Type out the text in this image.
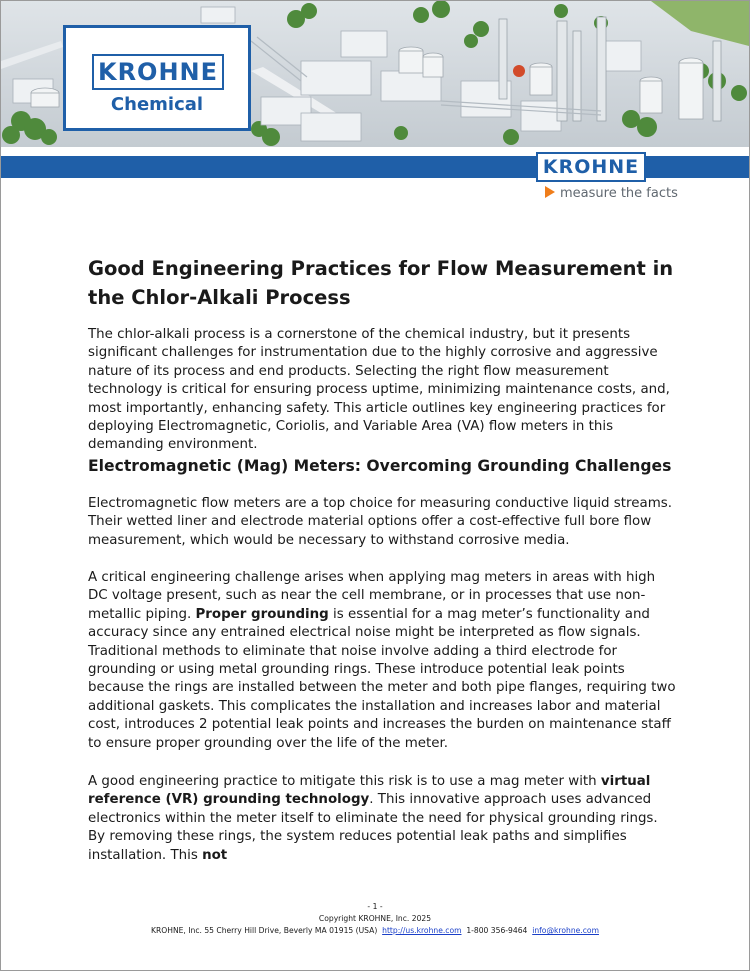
KROHNE
Chemical
KROHNE
measure the facts
Good Engineering Practices for Flow Measurement in the Chlor-Alkali Process
The chlor-alkali process is a cornerstone of the chemical industry, but it presents significant challenges for instrumentation due to the highly corrosive and aggressive nature of its process and end products. Selecting the right flow measurement technology is critical for ensuring process uptime, minimizing maintenance costs, and, most importantly, enhancing safety. This article outlines key engineering practices for deploying Electromagnetic, Coriolis, and Variable Area (VA) flow meters in this demanding environment.
Electromagnetic (Mag) Meters: Overcoming Grounding Challenges
Electromagnetic flow meters are a top choice for measuring conductive liquid streams. Their wetted liner and electrode material options offer a cost-effective full bore flow measurement, which would be necessary to withstand corrosive media.
A critical engineering challenge arises when applying mag meters in areas with high DC voltage present, such as near the cell membrane, or in processes that use non-metallic piping. Proper grounding is essential for a mag meter’s functionality and accuracy since any entrained electrical noise might be interpreted as flow signals. Traditional methods to eliminate that noise involve adding a third electrode for grounding or using metal grounding rings. These introduce potential leak points because the rings are installed between the meter and both pipe flanges, requiring two additional gaskets. This complicates the installation and increases labor and material cost, introduces 2 potential leak points and increases the burden on maintenance staff to ensure proper grounding over the life of the meter.
A good engineering practice to mitigate this risk is to use a mag meter with virtual reference (VR) grounding technology. This innovative approach uses advanced electronics within the meter itself to eliminate the need for physical grounding rings. By removing these rings, the system reduces potential leak paths and simplifies installation. This not
- 1 -
Copyright KROHNE, Inc. 2025
KROHNE, Inc. 55 Cherry Hill Drive, Beverly MA 01915 (USA) http://us.krohne.com 1-800 356-9464 info@krohne.com
